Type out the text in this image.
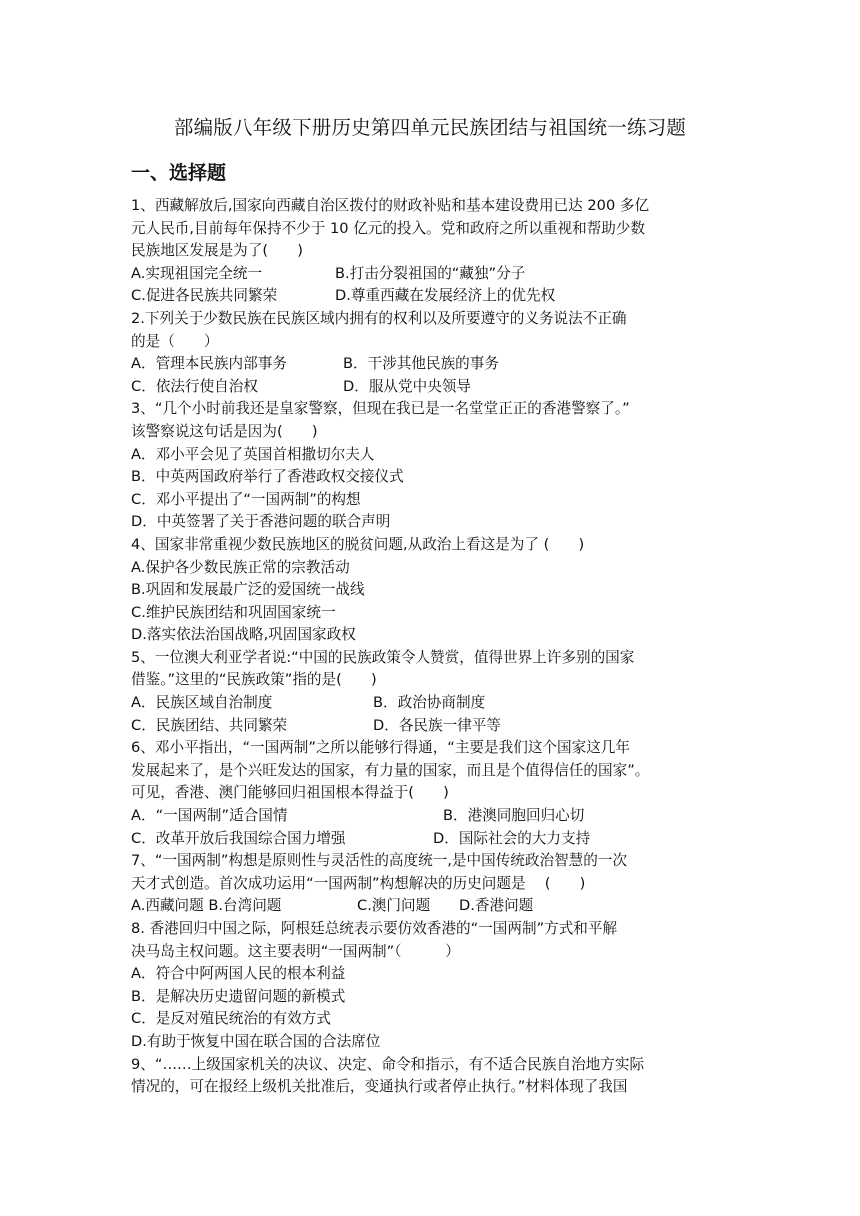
部编版八年级下册历史第四单元民族团结与祖国统一练习题
一、选择题
1、西藏解放后,国家向西藏自治区拨付的财政补贴和基本建设费用已达 200 多亿
元人民币,目前每年保持不少于 10 亿元的投入。党和政府之所以重视和帮助少数
民族地区发展是为了(　　)
A.实现祖国完全统一	B.打击分裂祖国的“藏独”分子
C.促进各民族共同繁荣	D.尊重西藏在发展经济上的优先权
2.下列关于少数民族在民族区域内拥有的权利以及所要遵守的义务说法不正确
的是（　　）
A．管理本民族内部事务	B．干涉其他民族的事务
C．依法行使自治权	D．服从党中央领导
3、“几个小时前我还是皇家警察，但现在我已是一名堂堂正正的香港警察了。”
该警察说这句话是因为(　　)
A．邓小平会见了英国首相撒切尔夫人
B．中英两国政府举行了香港政权交接仪式
C．邓小平提出了“一国两制”的构想
D．中英签署了关于香港问题的联合声明
4、国家非常重视少数民族地区的脱贫问题,从政治上看这是为了 (　　)
A.保护各少数民族正常的宗教活动
B.巩固和发展最广泛的爱国统一战线
C.维护民族团结和巩固国家统一
D.落实依法治国战略,巩固国家政权
5、一位澳大利亚学者说:“中国的民族政策令人赞赏，值得世界上许多别的国家
借鉴。”这里的“民族政策”指的是(　　)
A．民族区域自治制度	B．政治协商制度
C．民族团结、共同繁荣	D．各民族一律平等
6、邓小平指出，“一国两制”之所以能够行得通，“主要是我们这个国家这几年
发展起来了，是个兴旺发达的国家，有力量的国家，而且是个值得信任的国家”。
可见，香港、澳门能够回归祖国根本得益于(　　)
A．“一国两制”适合国情	B．港澳同胞回归心切
C．改革开放后我国综合国力增强	D．国际社会的大力支持
7、“一国两制”构想是原则性与灵活性的高度统一,是中国传统政治智慧的一次
天才式创造。首次成功运用“一国两制”构想解决的历史问题是　 (　　)
A.西藏问题 B.台湾问题	C.澳门问题	D.香港问题
8. 香港回归中国之际，阿根廷总统表示要仿效香港的“一国两制”方式和平解
决马岛主权问题。这主要表明“一国两制”（　　　）
A．符合中阿两国人民的根本利益
B．是解决历史遗留问题的新模式
C．是反对殖民统治的有效方式
D.有助于恢复中国在联合国的合法席位
9、“……上级国家机关的决议、决定、命令和指示，有不适合民族自治地方实际
情况的，可在报经上级机关批准后，变通执行或者停止执行。”材料体现了我国
